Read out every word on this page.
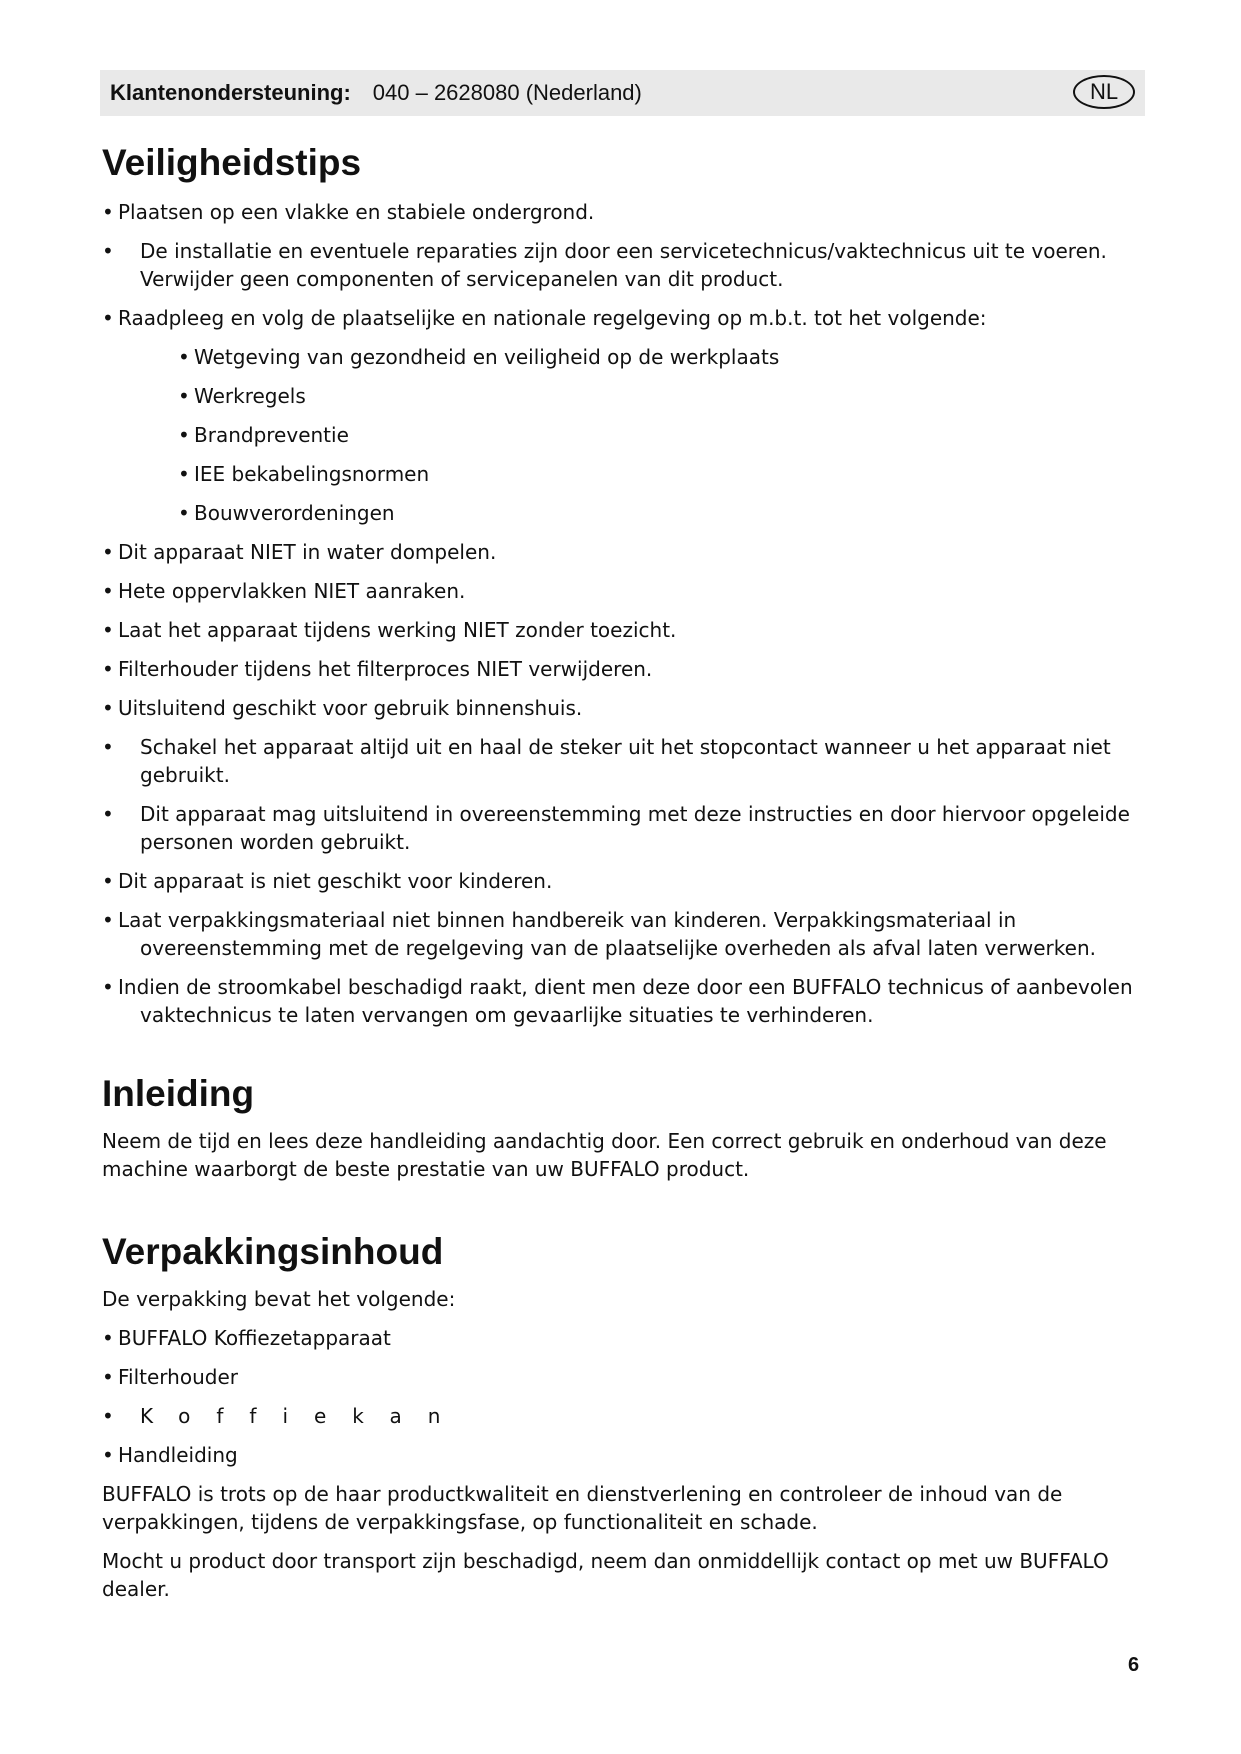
Klantenondersteuning: 040 – 2628080 (Nederland)	NL
Veiligheidstips
• Plaatsen op een vlakke en stabiele ondergrond.
• De installatie en eventuele reparaties zijn door een servicetechnicus/vaktechnicus uit te voeren. Verwijder geen componenten of servicepanelen van dit product.
• Raadpleeg en volg de plaatselijke en nationale regelgeving op m.b.t. tot het volgende:
• Wetgeving van gezondheid en veiligheid op de werkplaats
• Werkregels
• Brandpreventie
• IEE bekabelingsnormen
• Bouwverordeningen
• Dit apparaat NIET in water dompelen.
• Hete oppervlakken NIET aanraken.
• Laat het apparaat tijdens werking NIET zonder toezicht.
• Filterhouder tijdens het filterproces NIET verwijderen.
• Uitsluitend geschikt voor gebruik binnenshuis.
• Schakel het apparaat altijd uit en haal de steker uit het stopcontact wanneer u het apparaat niet gebruikt.
• Dit apparaat mag uitsluitend in overeenstemming met deze instructies en door hiervoor opgeleide personen worden gebruikt.
• Dit apparaat is niet geschikt voor kinderen.
• Laat verpakkingsmateriaal niet binnen handbereik van kinderen. Verpakkingsmateriaal in
overeenstemming met de regelgeving van de plaatselijke overheden als afval laten verwerken.
• Indien de stroomkabel beschadigd raakt, dient men deze door een BUFFALO technicus of aanbevolen
vaktechnicus te laten vervangen om gevaarlijke situaties te verhinderen.
Inleiding
Neem de tijd en lees deze handleiding aandachtig door. Een correct gebruik en onderhoud van deze machine waarborgt de beste prestatie van uw BUFFALO product.
Verpakkingsinhoud
De verpakking bevat het volgende:
• BUFFALO Koffiezetapparaat
• Filterhouder
• Koffiekan
• Handleiding
BUFFALO is trots op de haar productkwaliteit en dienstverlening en controleer de inhoud van de verpakkingen, tijdens de verpakkingsfase, op functionaliteit en schade.
Mocht u product door transport zijn beschadigd, neem dan onmiddellijk contact op met uw BUFFALO dealer.
6
